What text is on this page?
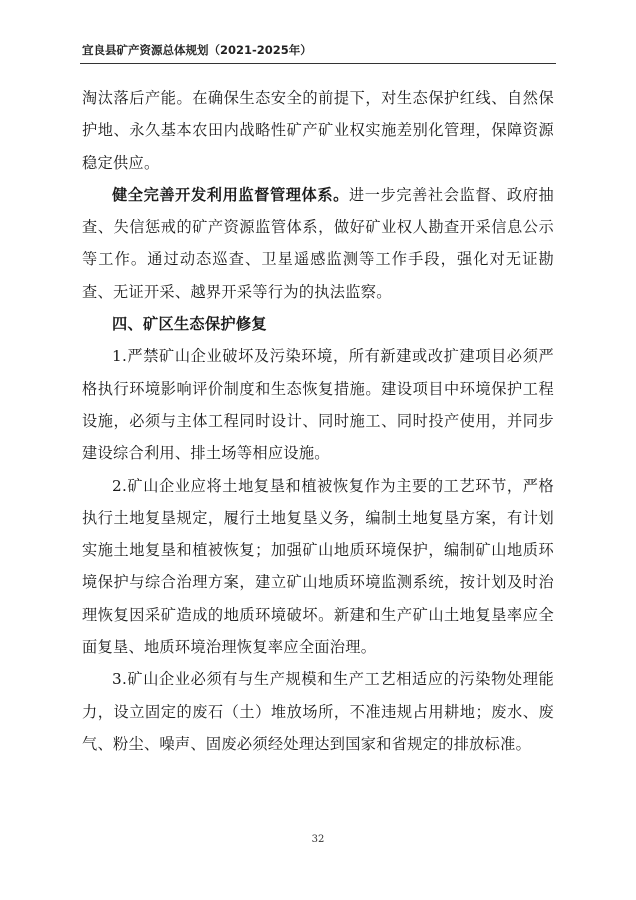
宜良县矿产资源总体规划（2021-2025年）

淘汰落后产能。在确保生态安全的前提下，对生态保护红线、自然保护地、永久基本农田内战略性矿产矿业权实施差别化管理，保障资源稳定供应。

健全完善开发利用监督管理体系。进一步完善社会监督、政府抽查、失信惩戒的矿产资源监管体系，做好矿业权人勘查开采信息公示等工作。通过动态巡查、卫星遥感监测等工作手段，强化对无证勘查、无证开采、越界开采等行为的执法监察。

四、矿区生态保护修复

1.严禁矿山企业破坏及污染环境，所有新建或改扩建项目必须严格执行环境影响评价制度和生态恢复措施。建设项目中环境保护工程设施，必须与主体工程同时设计、同时施工、同时投产使用，并同步建设综合利用、排土场等相应设施。

2.矿山企业应将土地复垦和植被恢复作为主要的工艺环节，严格执行土地复垦规定，履行土地复垦义务，编制土地复垦方案，有计划实施土地复垦和植被恢复；加强矿山地质环境保护，编制矿山地质环境保护与综合治理方案，建立矿山地质环境监测系统，按计划及时治理恢复因采矿造成的地质环境破坏。新建和生产矿山土地复垦率应全面复垦、地质环境治理恢复率应全面治理。

3.矿山企业必须有与生产规模和生产工艺相适应的污染物处理能力，设立固定的废石（土）堆放场所，不准违规占用耕地；废水、废气、粉尘、噪声、固废必须经处理达到国家和省规定的排放标准。

32
